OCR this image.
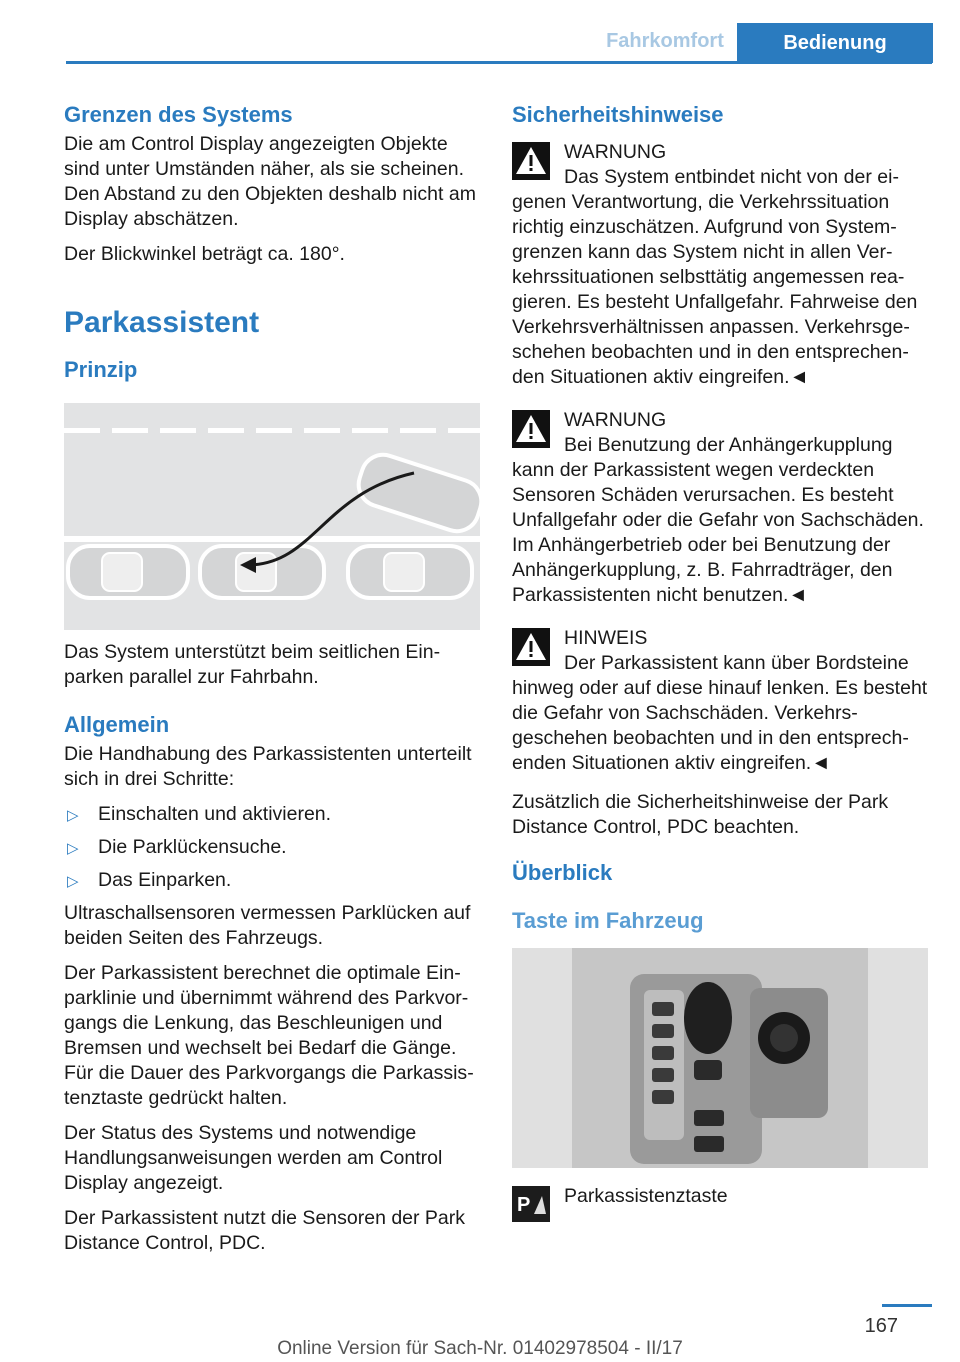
Fahrkomfort	Bedienung
Grenzen des Systems

Die am Control Display angezeigten Objekte sind unter Umständen näher, als sie scheinen. Den Abstand zu den Objekten deshalb nicht am Display abschätzen.

Der Blickwinkel beträgt ca. 180°.

Parkassistent
Prinzip

Das System unterstützt beim seitlichen Einparken parallel zur Fahrbahn.

Allgemein

Die Handhabung des Parkassistenten unterteilt sich in drei Schritte:

▷ Einschalten und aktivieren.
▷ Die Parklückensuche.
▷ Das Einparken.

Ultraschallsensoren vermessen Parklücken auf beiden Seiten des Fahrzeugs.

Der Parkassistent berechnet die optimale Einparklinie und übernimmt während des Parkvorgangs die Lenkung, das Beschleunigen und Bremsen und wechselt bei Bedarf die Gänge. Für die Dauer des Parkvorgangs die Parkassistenztaste gedrückt halten.

Der Status des Systems und notwendige Handlungsanweisungen werden am Control Display angezeigt.

Der Parkassistent nutzt die Sensoren der Park Distance Control, PDC.

Sicherheitshinweise
WARNUNG
Das System entbindet nicht von der eigenen Verantwortung, die Verkehrssituation richtig einzuschätzen. Aufgrund von Systemgrenzen kann das System nicht in allen Verkehrssituationen selbsttätig angemessen reagieren. Es besteht Unfallgefahr. Fahrweise den Verkehrsverhältnissen anpassen. Verkehrsgeschehen beobachten und in den entsprechenden Situationen aktiv eingreifen.◄
WARNUNG
Bei Benutzung der Anhängerkupplung kann der Parkassistent wegen verdeckten Sensoren Schäden verursachen. Es besteht Unfallgefahr oder die Gefahr von Sachschäden. Im Anhängerbetrieb oder bei Benutzung der Anhängerkupplung, z. B. Fahrradträger, den Parkassistenten nicht benutzen.◄
HINWEIS
Der Parkassistent kann über Bordsteine hinweg oder auf diese hinauf lenken. Es besteht die Gefahr von Sachschäden. Verkehrsgeschehen beobachten und in den entsprechenden Situationen aktiv eingreifen.◄

Zusätzlich die Sicherheitshinweise der Park Distance Control, PDC beachten.

Überblick
Taste im Fahrzeug
P	Parkassistenztaste
167
Online Version für Sach-Nr. 01402978504 - II/17
